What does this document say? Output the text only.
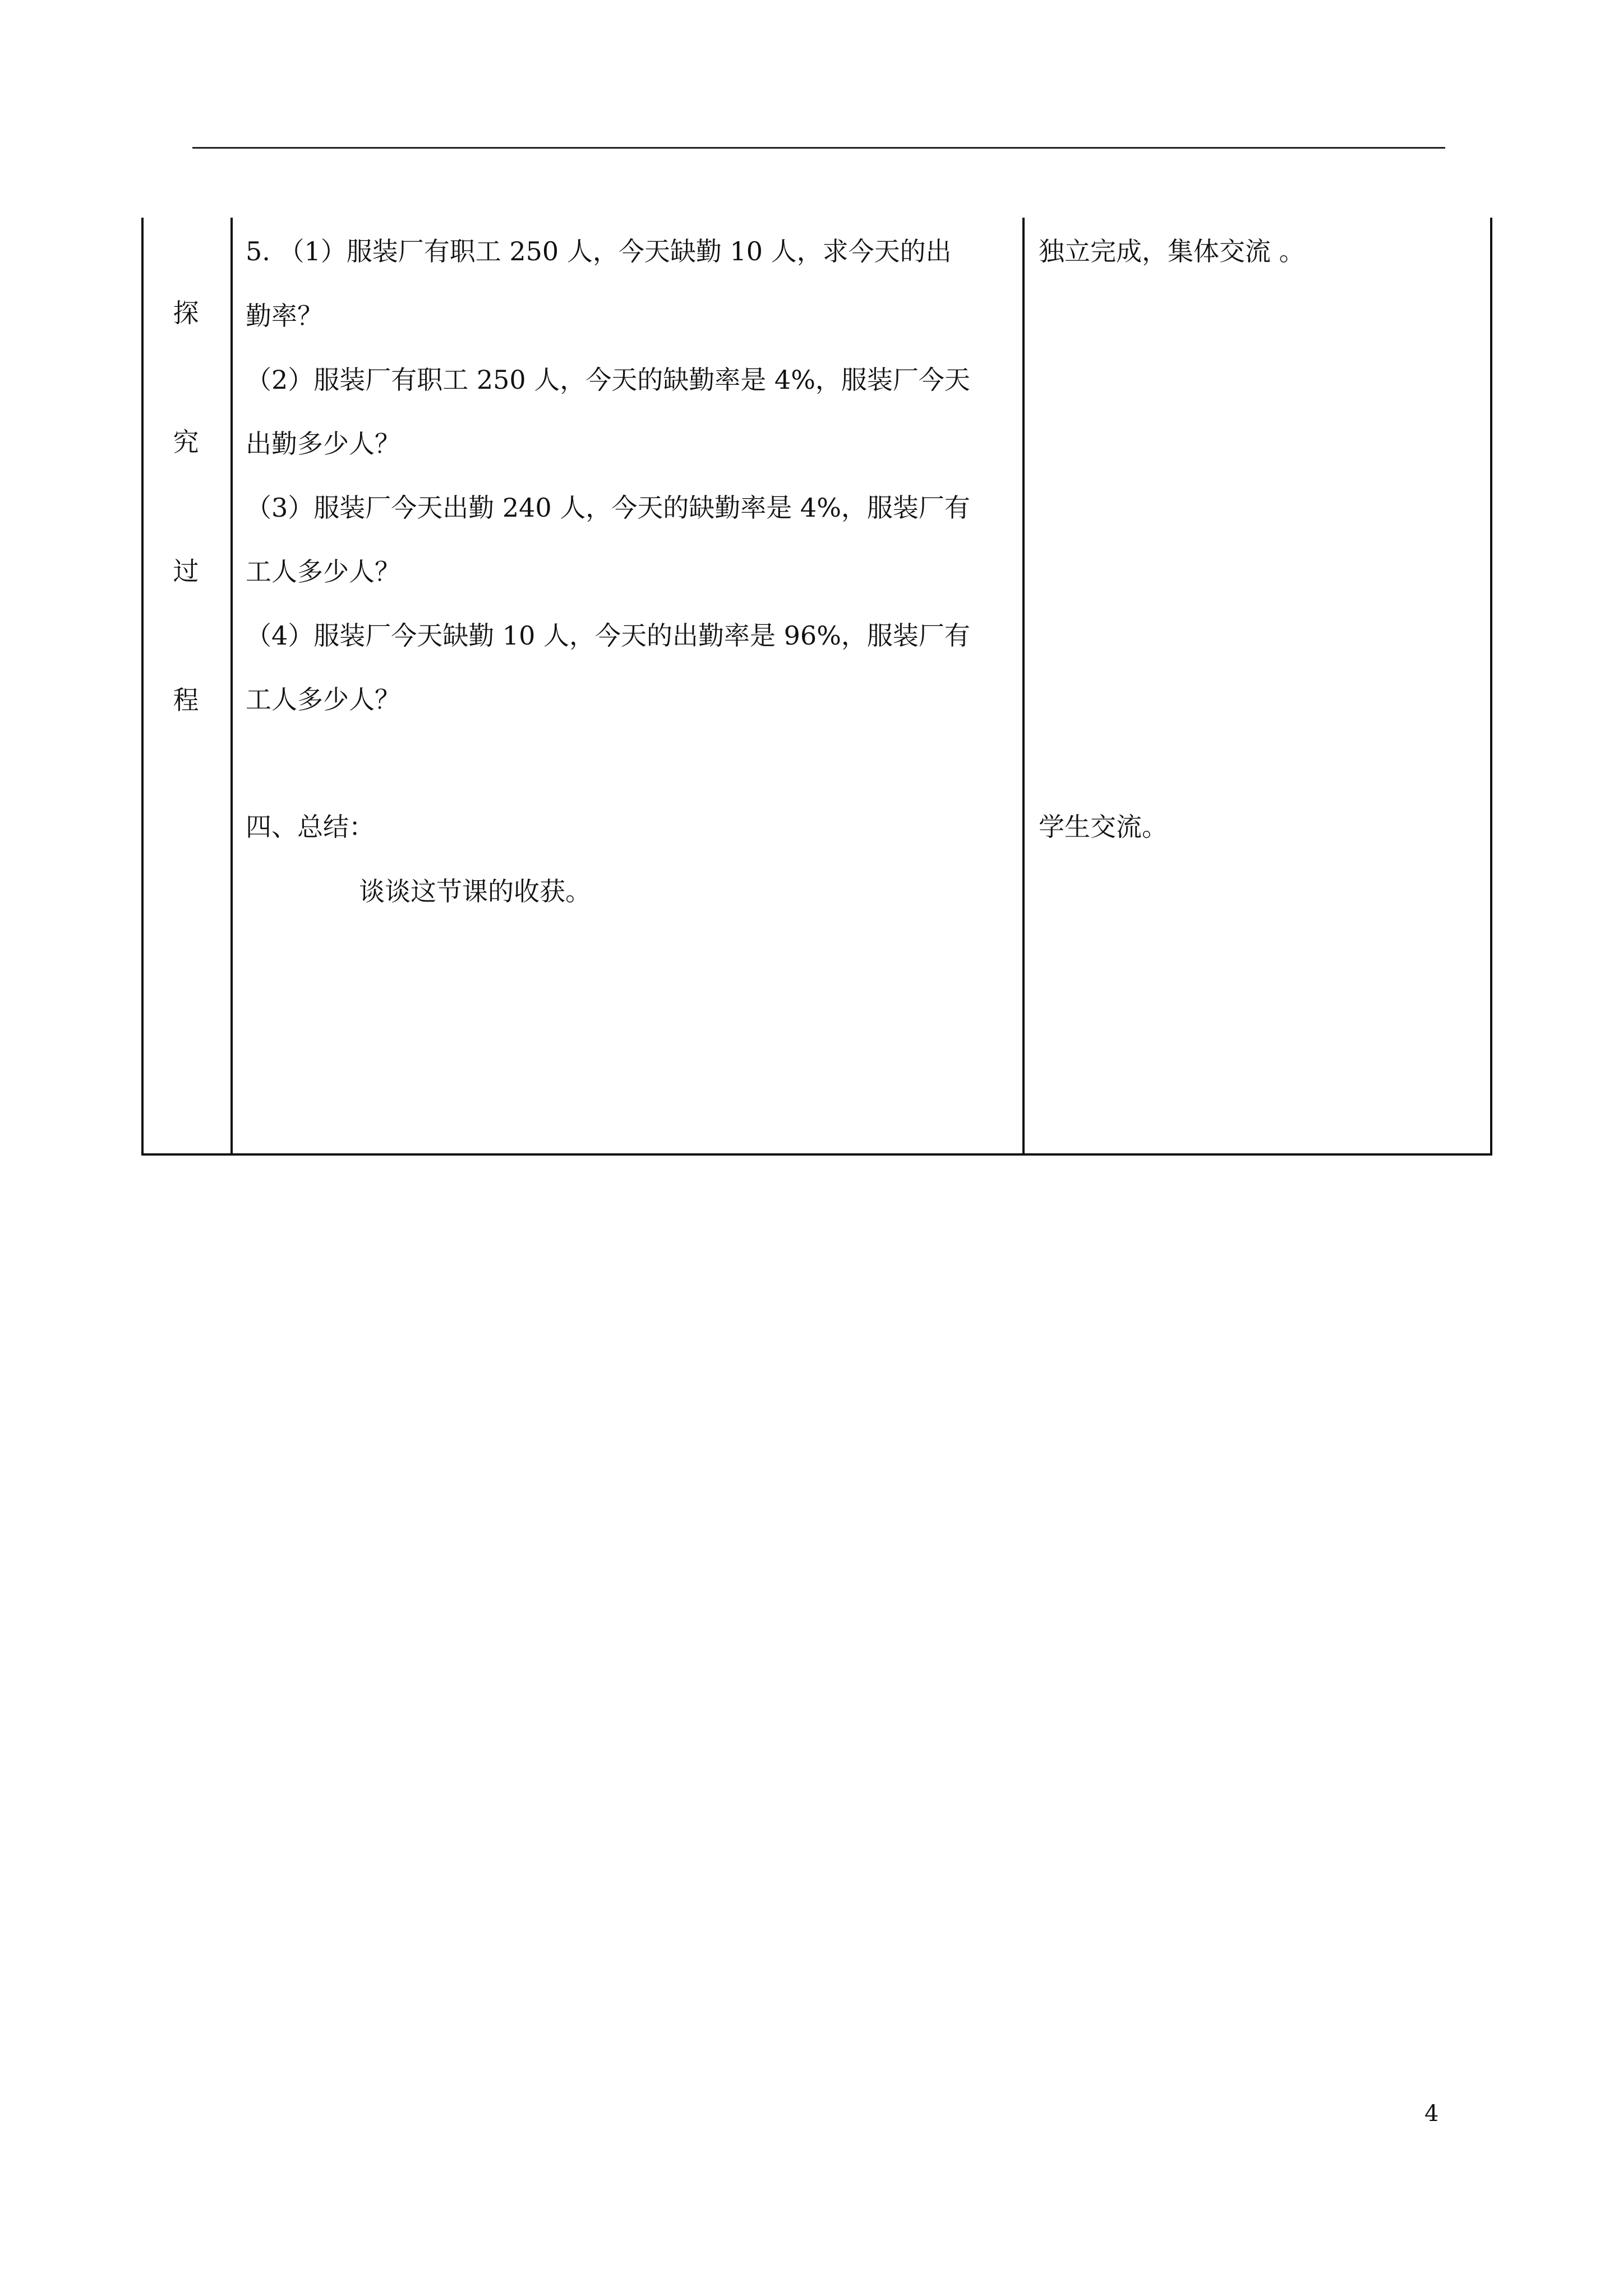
探
究
过
程
5. （1）服装厂有职工 250 人，今天缺勤 10 人，求今天的出
勤率？
（2）服装厂有职工 250 人，今天的缺勤率是 4%，服装厂今天
出勤多少人？
（3）服装厂今天出勤 240 人，今天的缺勤率是 4%，服装厂有
工人多少人？
（4）服装厂今天缺勤 10 人，今天的出勤率是 96%，服装厂有
工人多少人？
四、总结：
谈谈这节课的收获。
独立完成，集体交流 。
学生交流。
4
